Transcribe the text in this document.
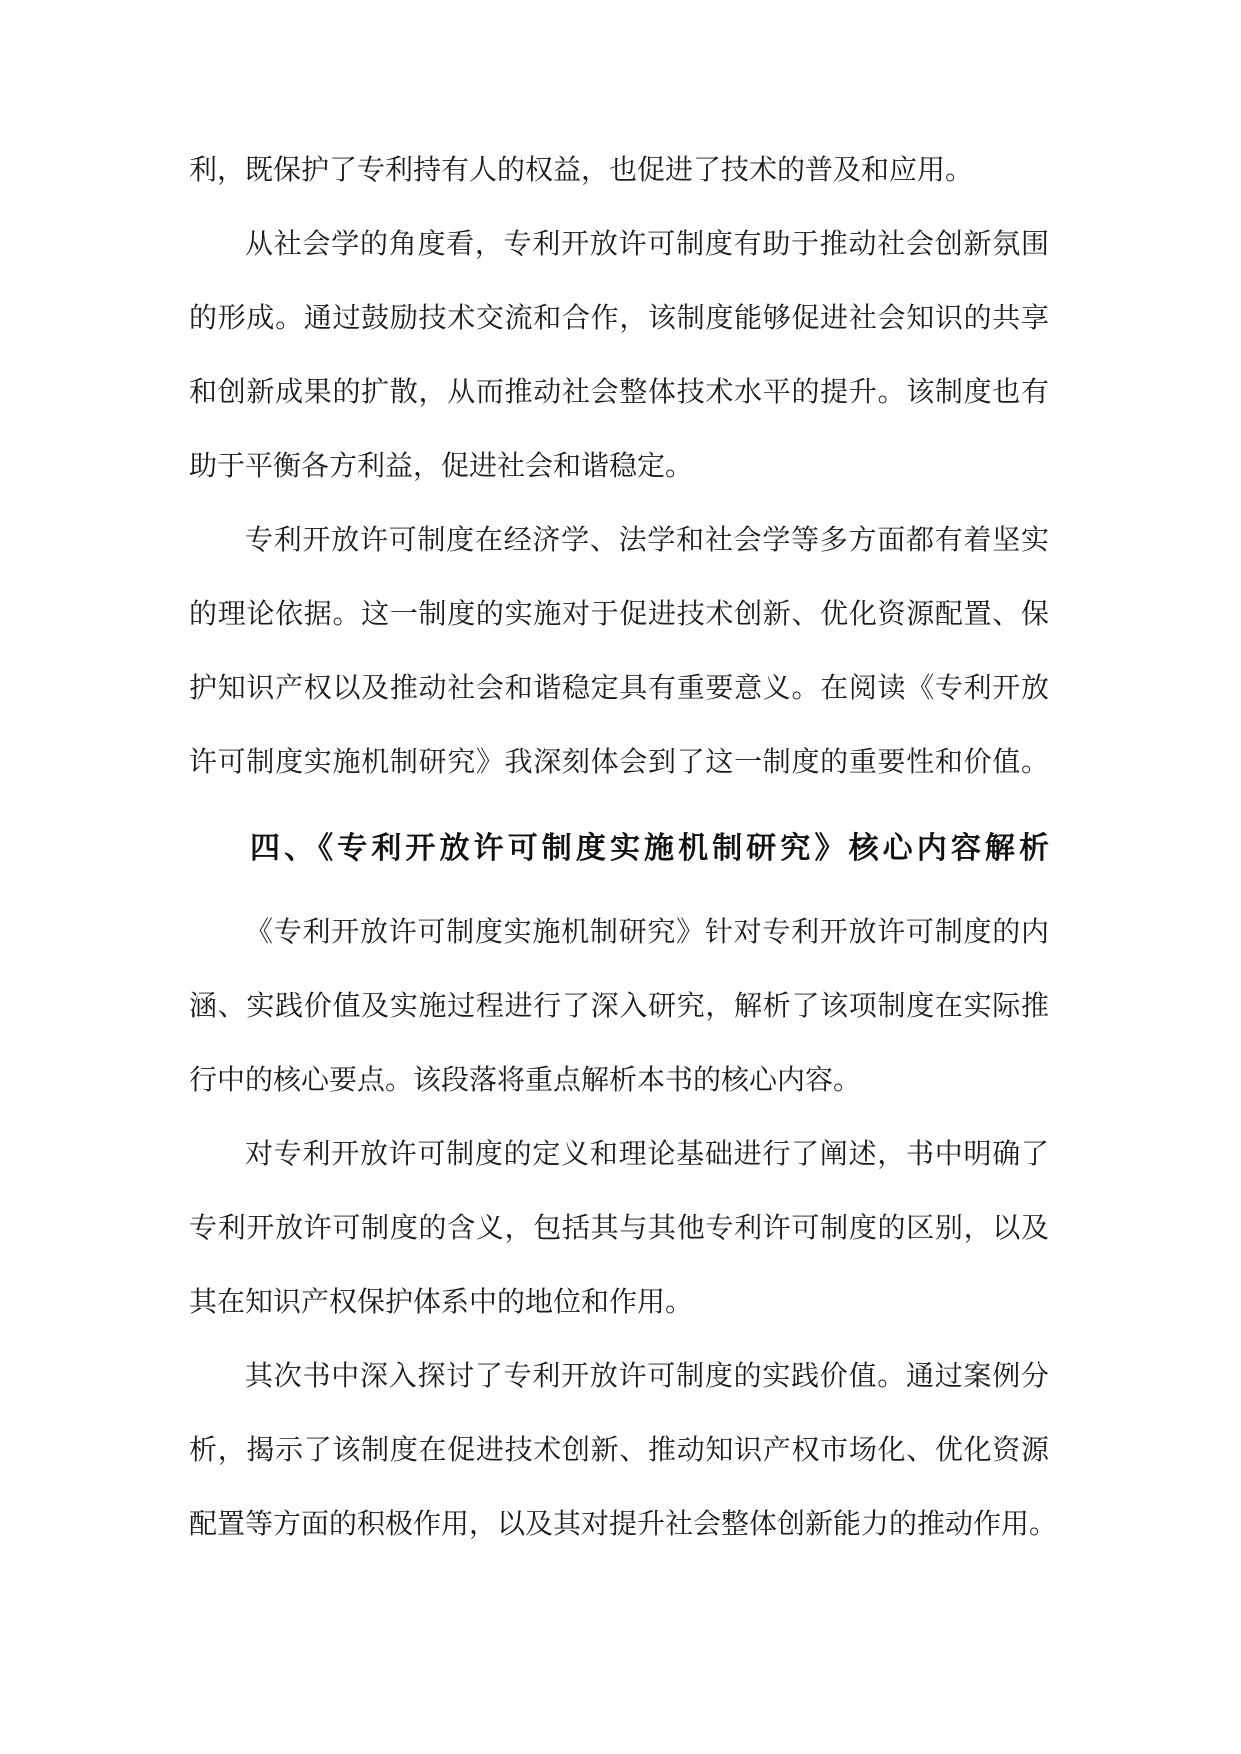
利，既保护了专利持有人的权益，也促进了技术的普及和应用。

从社会学的角度看，专利开放许可制度有助于推动社会创新氛围

的形成。通过鼓励技术交流和合作，该制度能够促进社会知识的共享

和创新成果的扩散，从而推动社会整体技术水平的提升。该制度也有

助于平衡各方利益，促进社会和谐稳定。

专利开放许可制度在经济学、法学和社会学等多方面都有着坚实

的理论依据。这一制度的实施对于促进技术创新、优化资源配置、保

护知识产权以及推动社会和谐稳定具有重要意义。在阅读《专利开放

许可制度实施机制研究》我深刻体会到了这一制度的重要性和价值。

四、《专利开放许可制度实施机制研究》核心内容解析

《专利开放许可制度实施机制研究》针对专利开放许可制度的内

涵、实践价值及实施过程进行了深入研究，解析了该项制度在实际推

行中的核心要点。该段落将重点解析本书的核心内容。

对专利开放许可制度的定义和理论基础进行了阐述，书中明确了

专利开放许可制度的含义，包括其与其他专利许可制度的区别，以及

其在知识产权保护体系中的地位和作用。

其次书中深入探讨了专利开放许可制度的实践价值。通过案例分

析，揭示了该制度在促进技术创新、推动知识产权市场化、优化资源

配置等方面的积极作用，以及其对提升社会整体创新能力的推动作用。
